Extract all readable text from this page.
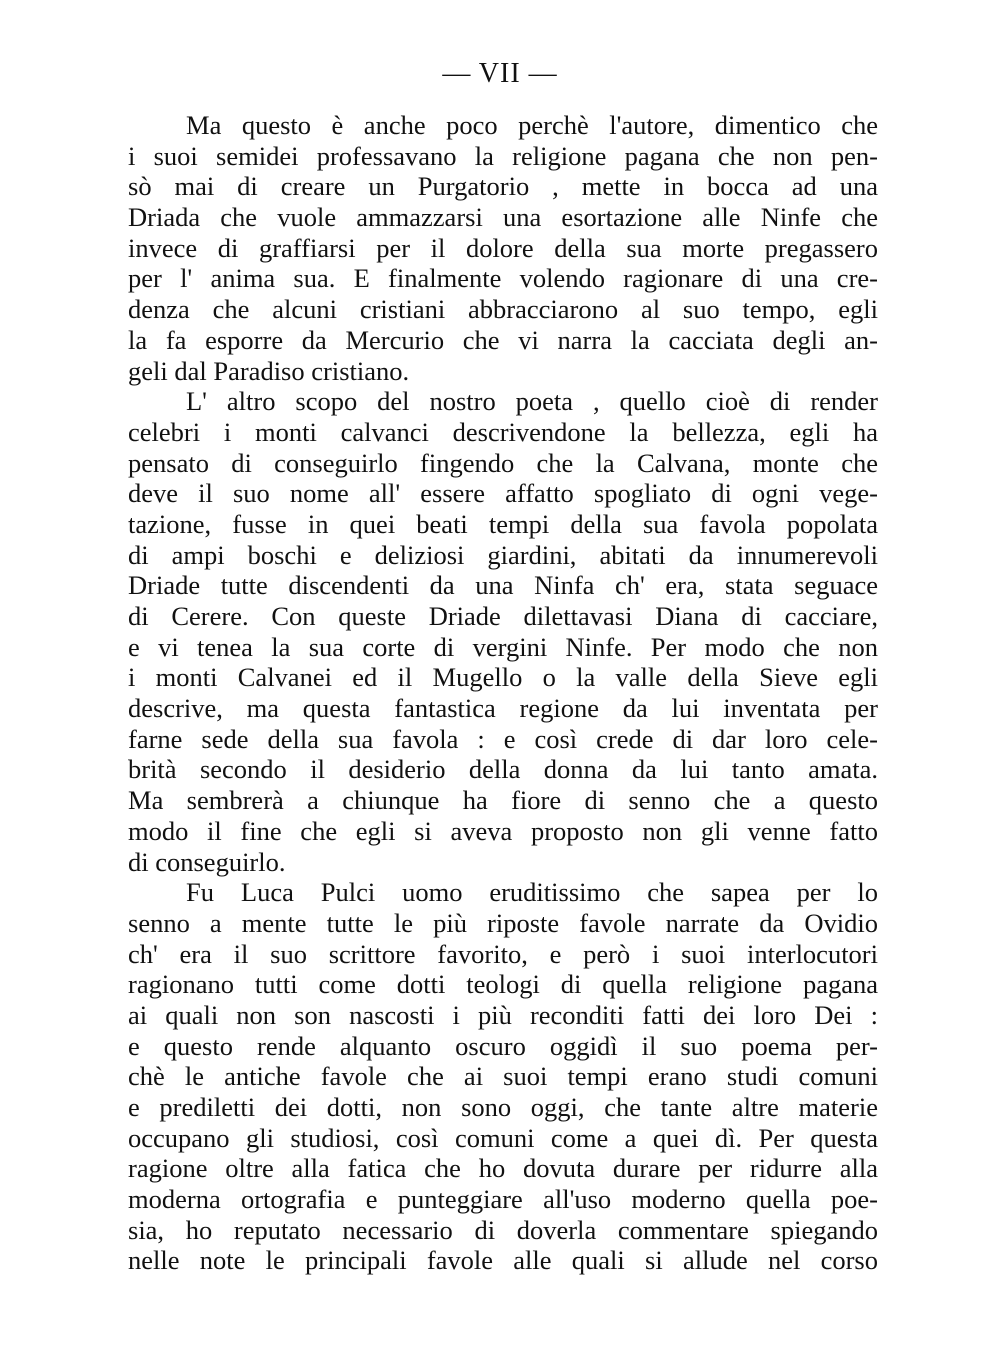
— VII —
Ma questo è anche poco perchè l'autore, dimentico che
i suoi semidei professavano la religione pagana che non pen-
sò mai di creare un Purgatorio , mette in bocca ad una
Driada che vuole ammazzarsi una esortazione alle Ninfe che
invece di graffiarsi per il dolore della sua morte pregassero
per l' anima sua. E finalmente volendo ragionare di una cre-
denza che alcuni cristiani abbracciarono al suo tempo, egli
la fa esporre da Mercurio che vi narra la cacciata degli an-
geli dal Paradiso cristiano.
L' altro scopo del nostro poeta , quello cioè di render
celebri i monti calvanci descrivendone la bellezza, egli ha
pensato di conseguirlo fingendo che la Calvana, monte che
deve il suo nome all' essere affatto spogliato di ogni vege-
tazione, fusse in quei beati tempi della sua favola popolata
di ampi boschi e deliziosi giardini, abitati da innumerevoli
Driade tutte discendenti da una Ninfa ch' era, stata seguace
di Cerere. Con queste Driade dilettavasi Diana di cacciare,
e vi tenea la sua corte di vergini Ninfe. Per modo che non
i monti Calvanei ed il Mugello o la valle della Sieve egli
descrive, ma questa fantastica regione da lui inventata per
farne sede della sua favola : e così crede di dar loro cele-
brità secondo il desiderio della donna da lui tanto amata.
Ma sembrerà a chiunque ha fiore di senno che a questo
modo il fine che egli si aveva proposto non gli venne fatto
di conseguirlo.
Fu Luca Pulci uomo eruditissimo che sapea per lo
senno a mente tutte le più riposte favole narrate da Ovidio
ch' era il suo scrittore favorito, e però i suoi interlocutori
ragionano tutti come dotti teologi di quella religione pagana
ai quali non son nascosti i più reconditi fatti dei loro Dei :
e questo rende alquanto oscuro oggidì il suo poema per-
chè le antiche favole che ai suoi tempi erano studi comuni
e prediletti dei dotti, non sono oggi, che tante altre materie
occupano gli studiosi, così comuni come a quei dì. Per questa
ragione oltre alla fatica che ho dovuta durare per ridurre alla
moderna ortografia e punteggiare all'uso moderno quella poe-
sia, ho reputato necessario di doverla commentare spiegando
nelle note le principali favole alle quali si allude nel corso
